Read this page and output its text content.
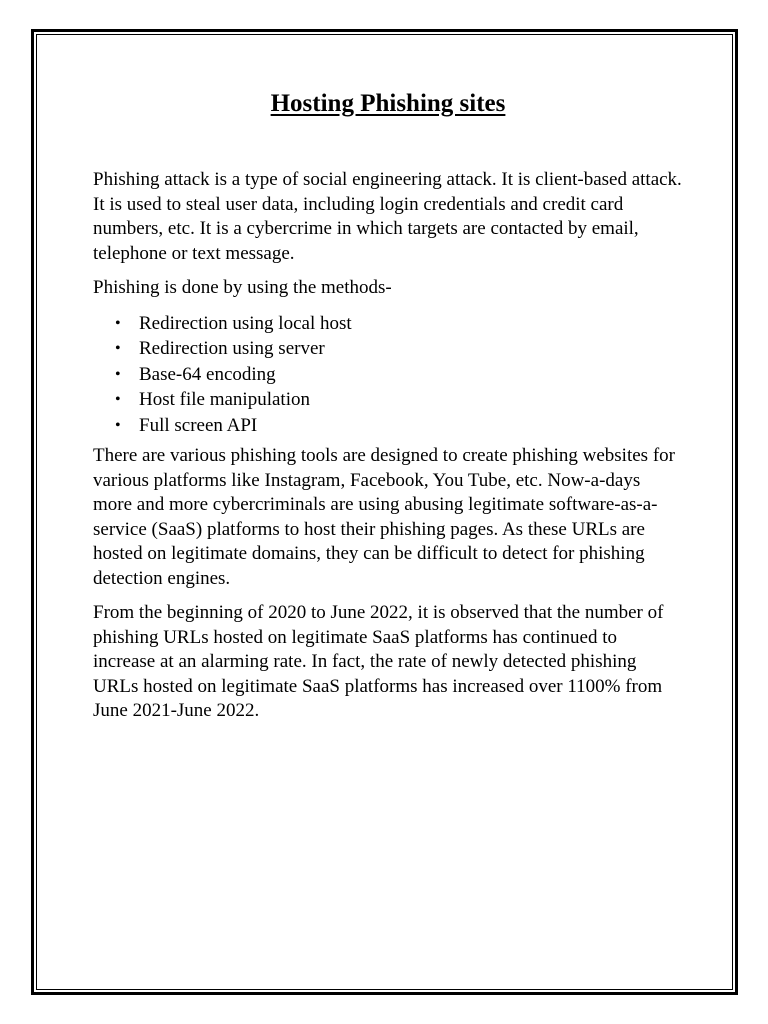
Hosting Phishing sites

Phishing attack is a type of social engineering attack. It is client-based attack. It is used to steal user data, including login credentials and credit card numbers, etc. It is a cybercrime in which targets are contacted by email, telephone or text message.

Phishing is done by using the methods-

• Redirection using local host
• Redirection using server
• Base-64 encoding
• Host file manipulation
• Full screen API

There are various phishing tools are designed to create phishing websites for various platforms like Instagram, Facebook, You Tube, etc. Now-a-days more and more cybercriminals are using abusing legitimate software-as-a-service (SaaS) platforms to host their phishing pages. As these URLs are hosted on legitimate domains, they can be difficult to detect for phishing detection engines.

From the beginning of 2020 to June 2022, it is observed that the number of phishing URLs hosted on legitimate SaaS platforms has continued to increase at an alarming rate. In fact, the rate of newly detected phishing URLs hosted on legitimate SaaS platforms has increased over 1100% from June 2021-June 2022.
